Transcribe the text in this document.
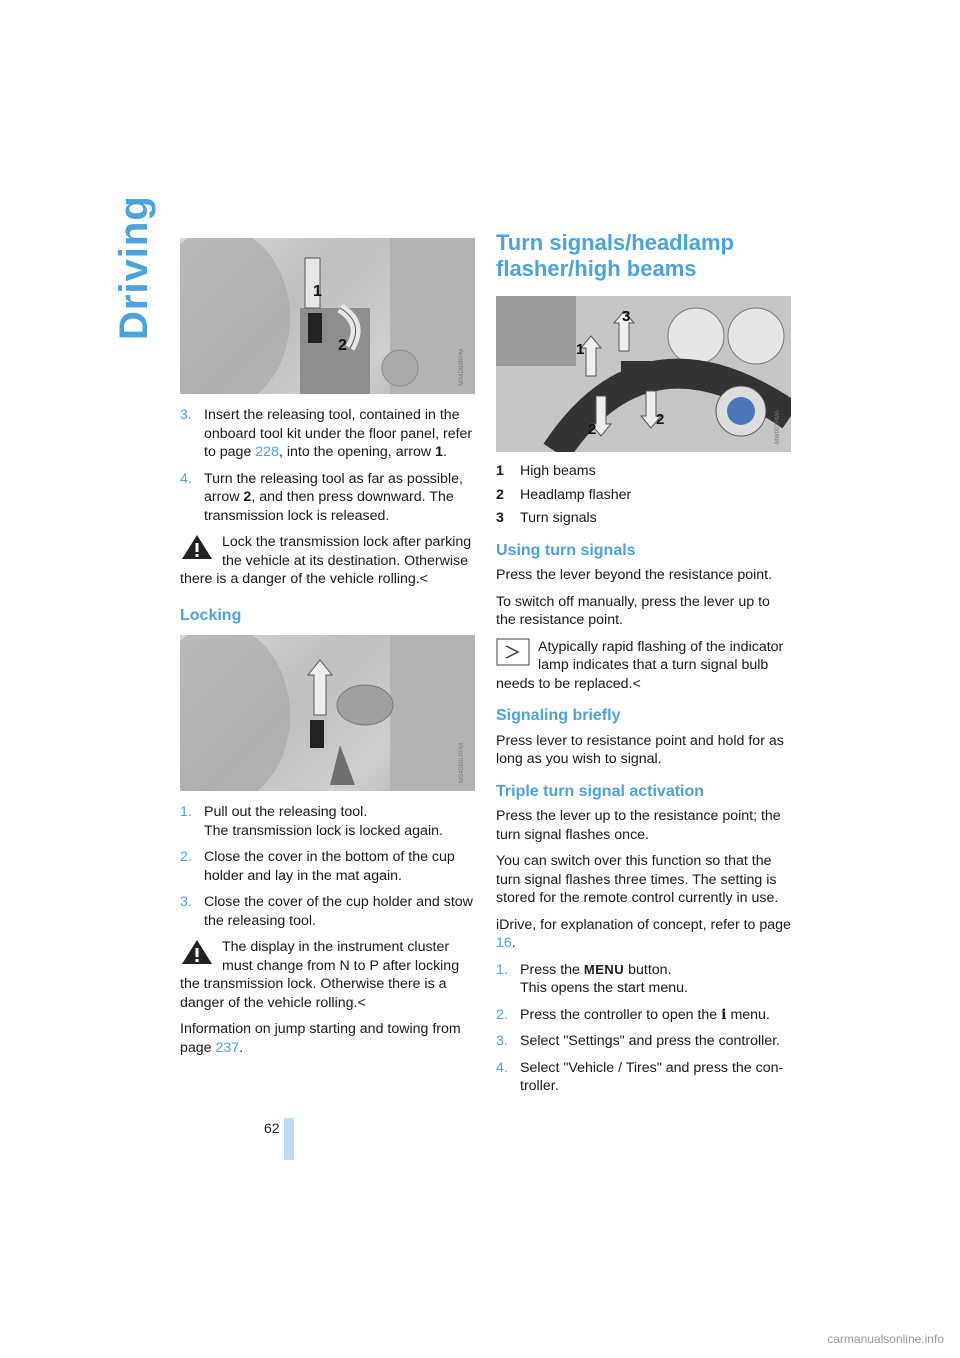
Driving	1
2
MS4D60RPM
3. Insert the releasing tool, contained in the onboard tool kit under the floor panel, refer to page 228, into the opening, arrow 1.
4. Turn the releasing tool as far as possible, arrow 2, and then press downward. The transmission lock is released.
Lock the transmission lock after parking the vehicle at its destination. Otherwise there is a danger of the vehicle rolling.<
Locking
MS4D60LRPM
1. Pull out the releasing tool.
The transmission lock is locked again.
2. Close the cover in the bottom of the cup holder and lay in the mat again.
3. Close the cover of the cup holder and stow the releasing tool.
The display in the instrument cluster must change from N to P after locking the transmission lock. Otherwise there is a danger of the vehicle rolling.<

Information on jump starting and towing from page 237.

Turn signals/headlamp flasher/high beams
1
3
2
2	MW002RMA
1 High beams
2 Headlamp flasher
3 Turn signals
Using turn signals

Press the lever beyond the resistance point.

To switch off manually, press the lever up to the resistance point.

Atypically rapid flashing of the indicator lamp indicates that a turn signal bulb needs to be replaced.<
Signaling briefly

Press lever to resistance point and hold for as long as you wish to signal.

Triple turn signal activation

Press the lever up to the resistance point; the turn signal flashes once.

You can switch over this function so that the turn signal flashes three times. The setting is stored for the remote control currently in use.

iDrive, for explanation of concept, refer to page 16.

1. Press the MENU button.
This opens the start menu.
2. Press the controller to open the i menu.
3. Select "Settings" and press the controller.
4. Select "Vehicle / Tires" and press the controller.
62
carmanualsonline.info
